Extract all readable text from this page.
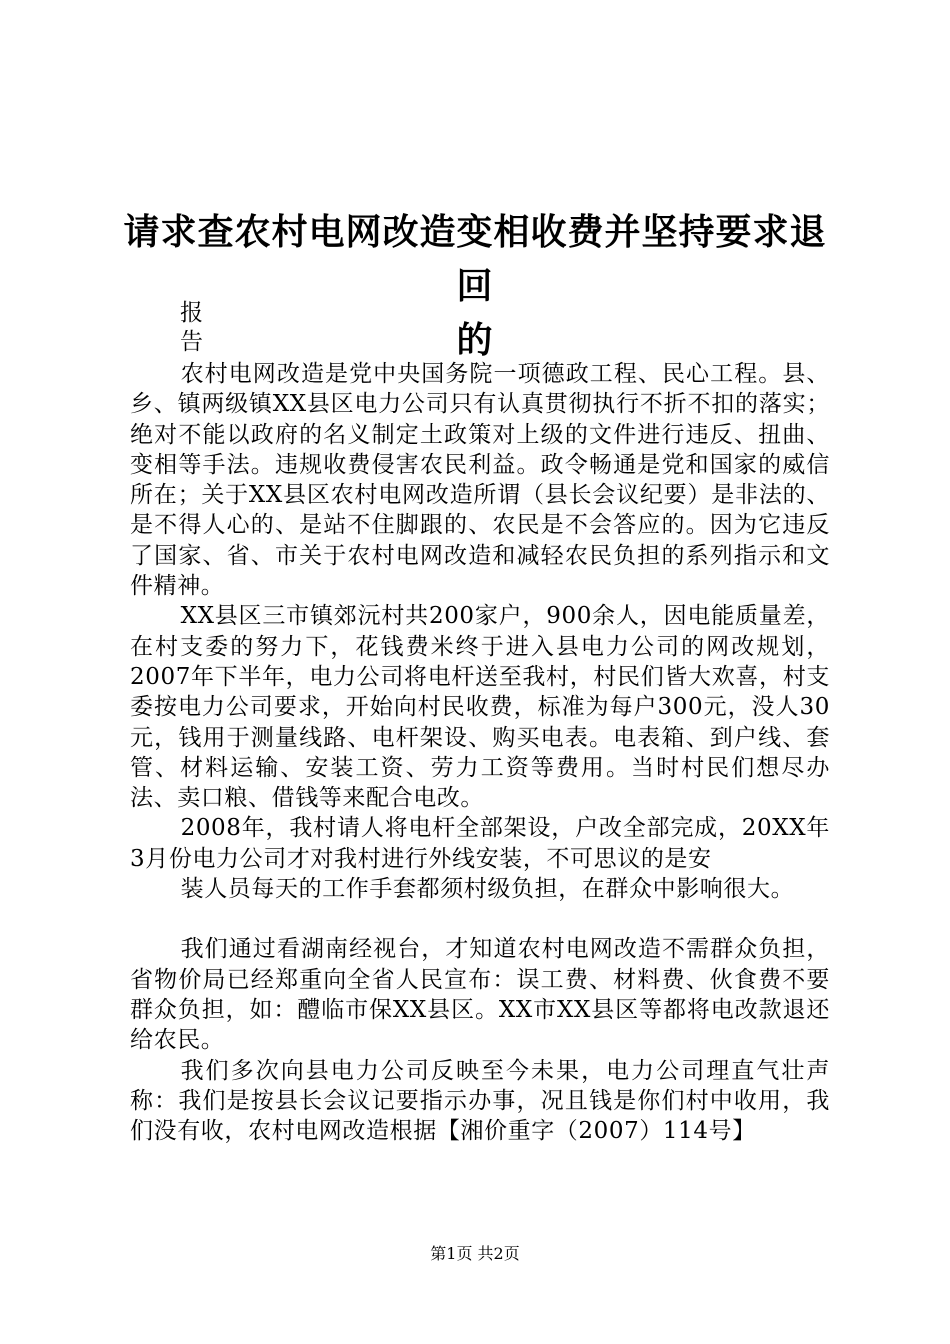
请求查农村电网改造变相收费并坚持要求退回
的
报
告

农村电网改造是党中央国务院一项德政工程、民心工程。县、乡、镇两级镇XX县区电力公司只有认真贯彻执行不折不扣的落实；绝对不能以政府的名义制定土政策对上级的文件进行违反、扭曲、变相等手法。违规收费侵害农民利益。政令畅通是党和国家的威信所在；关于XX县区农村电网改造所谓（县长会议纪要）是非法的、是不得人心的、是站不住脚跟的、农民是不会答应的。因为它违反了国家、省、市关于农村电网改造和减轻农民负担的系列指示和文件精神。

XX县区三市镇郊沅村共200家户，900余人，因电能质量差，在村支委的努力下，花钱费米终于进入县电力公司的网改规划，2007年下半年，电力公司将电杆送至我村，村民们皆大欢喜，村支委按电力公司要求，开始向村民收费，标准为每户300元，没人30元，钱用于测量线路、电杆架设、购买电表。电表箱、到户线、套管、材料运输、安装工资、劳力工资等费用。当时村民们想尽办法、卖口粮、借钱等来配合电改。

2008年，我村请人将电杆全部架设，户改全部完成，20XX年3月份电力公司才对我村进行外线安装，不可思议的是安

装人员每天的工作手套都须村级负担，在群众中影响很大。

我们通过看湖南经视台，才知道农村电网改造不需群众负担，省物价局已经郑重向全省人民宣布：误工费、材料费、伙食费不要群众负担，如：醴临市保XX县区。XX市XX县区等都将电改款退还给农民。

我们多次向县电力公司反映至今未果，电力公司理直气壮声称：我们是按县长会议记要指示办事，况且钱是你们村中收用，我们没有收，农村电网改造根据【湘价重字（2007）114号】

第1页 共2页
